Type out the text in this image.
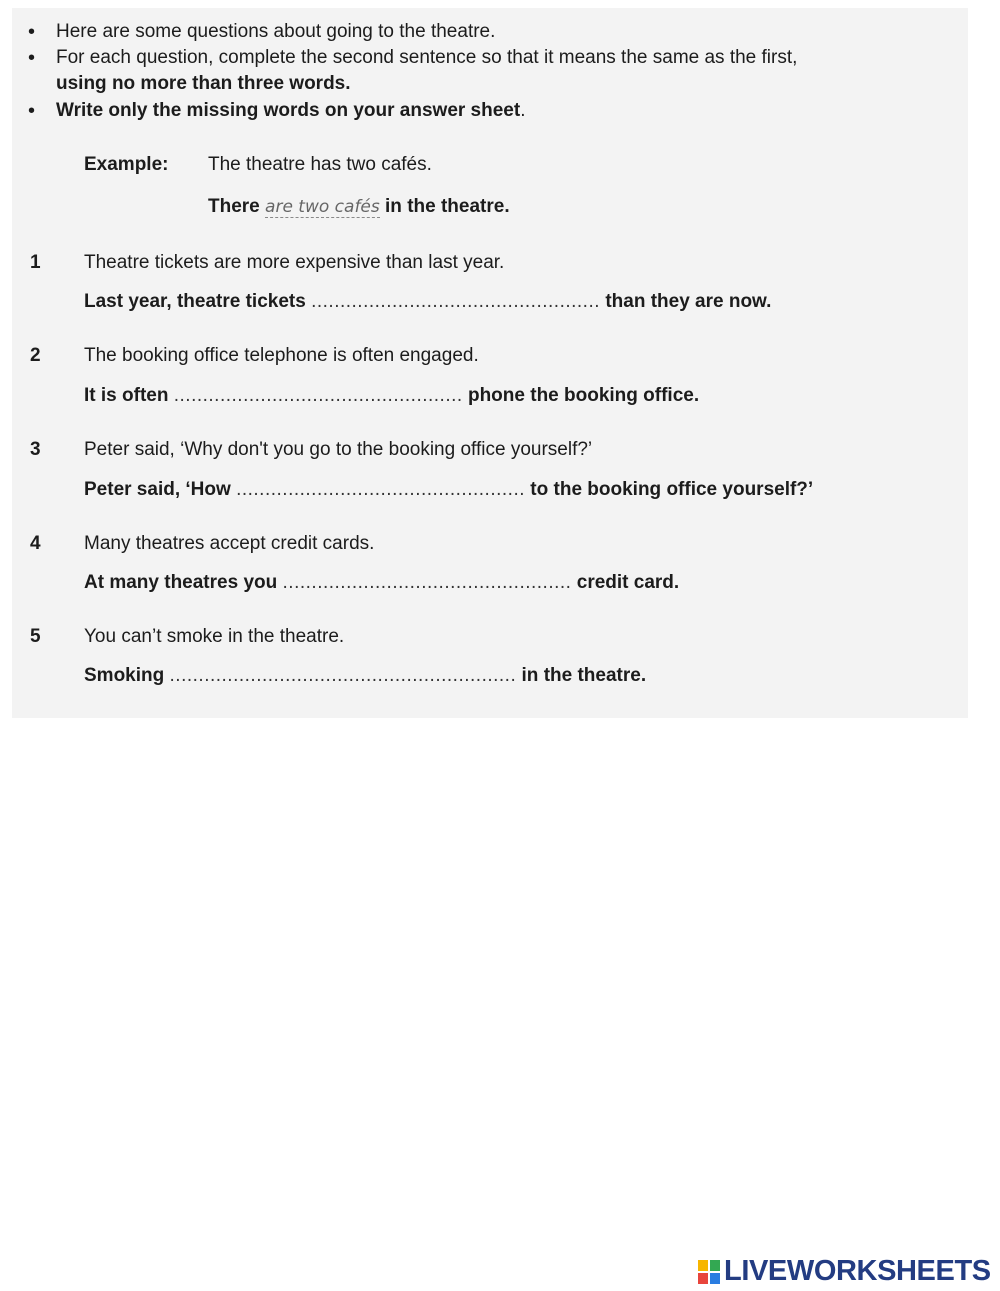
•	Here are some questions about going to the theatre.
•	For each question, complete the second sentence so that it means the same as the first,
using no more than three words.
•	Write only the missing words on your answer sheet.
Example: The theatre has two cafés.
There are two cafés in the theatre.
1 Theatre tickets are more expensive than last year.
Last year, theatre tickets .................................................. than they are now.
2 The booking office telephone is often engaged.
It is often .................................................. phone the booking office.
3 Peter said, ‘Why don't you go to the booking office yourself?’
Peter said, ‘How .................................................. to the booking office yourself?’
4 Many theatres accept credit cards.
At many theatres you .................................................. credit card.
5 You can’t smoke in the theatre.
Smoking ............................................................ in the theatre.
LIVEWORKSHEETS
